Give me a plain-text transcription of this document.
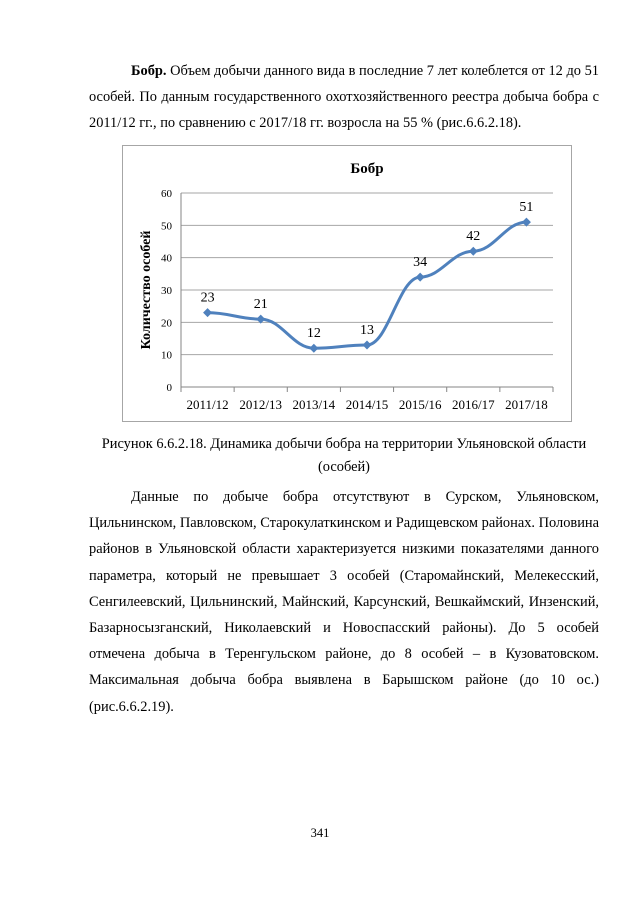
Бобр. Объем добычи данного вида в последние 7 лет колеблется от 12 до 51 особей. По данным государственного охотхозяйственного реестра добыча бобра с 2011/12 гг., по сравнению с 2017/18 гг. возросла на 55 % (рис.6.6.2.18).

Бобр
0
10
20
30
40
50
60
2011/12 2012/13 2013/14 2014/15 2015/16 2016/17 2017/18
Количество особей	23	21
12	13
34
42
51

Рисунок 6.6.2.18. Динамика добычи бобра на территории Ульяновской области

(особей)

Данные по добыче бобра отсутствуют в Сурском, Ульяновском, Цильнинском, Павловском, Старокулаткинском и Радищевском районах. Половина районов в Ульяновской области характеризуется низкими показателями данного параметра, который не превышает 3 особей (Старомайнский, Мелекесский, Сенгилеевский, Цильнинский, Майнский, Карсунский, Вешкаймский, Инзенский, Базарносызганский, Николаевский и Новоспасский районы). До 5 особей отмечена добыча в Теренгульском районе, до 8 особей – в Кузоватовском. Максимальная добыча бобра выявлена в Барышском районе (до 10 ос.) (рис.6.6.2.19).

341
